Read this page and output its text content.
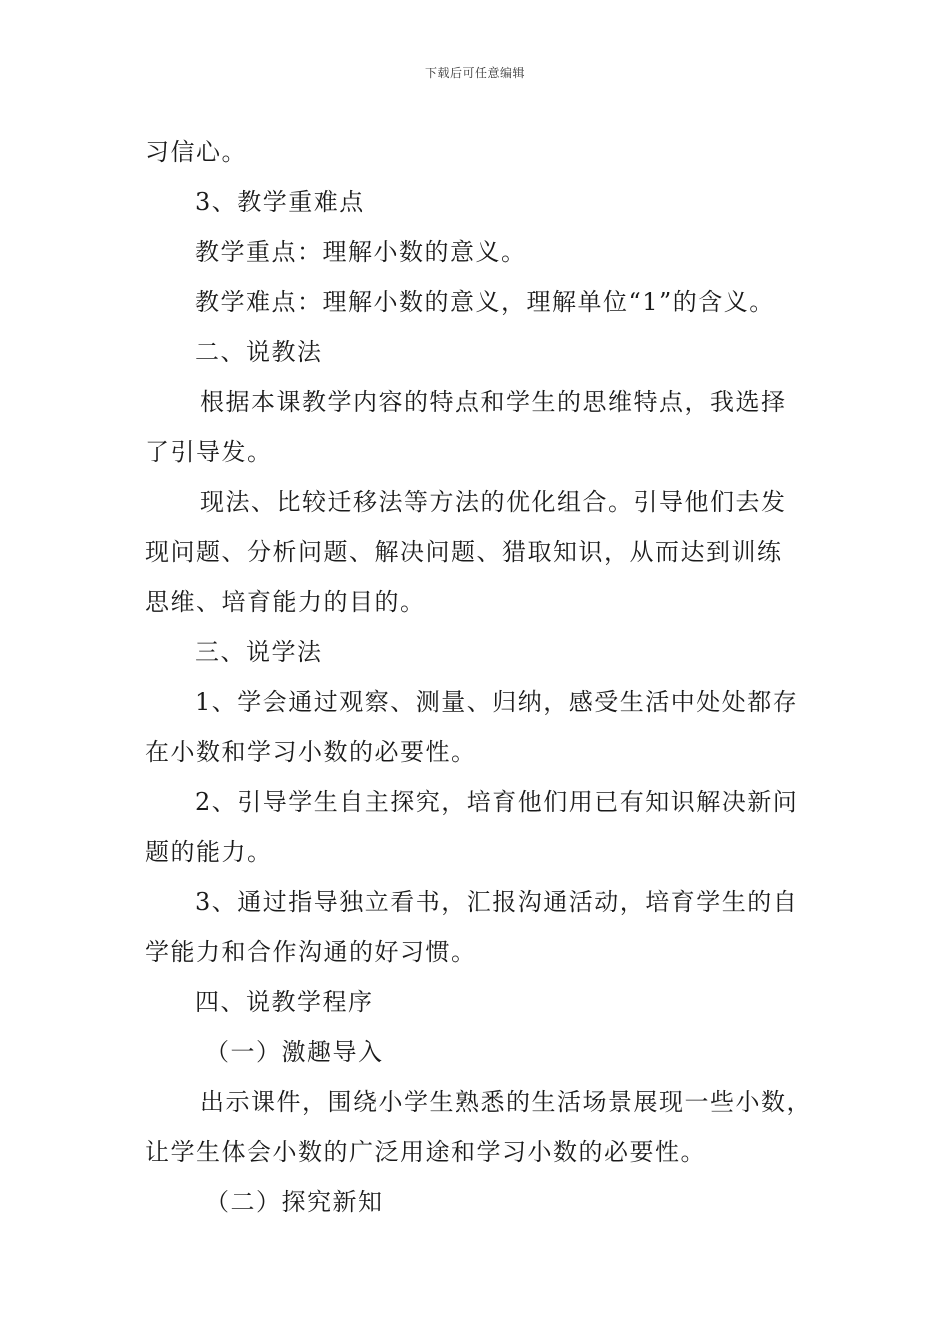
下载后可任意编辑
习信心。
3、教学重难点
教学重点：理解小数的意义。
教学难点：理解小数的意义，理解单位“1”的含义。
二、说教法
根据本课教学内容的特点和学生的思维特点，我选择
了引导发。
现法、比较迁移法等方法的优化组合。引导他们去发
现问题、分析问题、解决问题、猎取知识，从而达到训练
思维、培育能力的目的。
三、说学法
1、学会通过观察、测量、归纳，感受生活中处处都存
在小数和学习小数的必要性。
2、引导学生自主探究，培育他们用已有知识解决新问
题的能力。
3、通过指导独立看书，汇报沟通活动，培育学生的自
学能力和合作沟通的好习惯。
四、说教学程序
（一）激趣导入
出示课件，围绕小学生熟悉的生活场景展现一些小数，
让学生体会小数的广泛用途和学习小数的必要性。
（二）探究新知
